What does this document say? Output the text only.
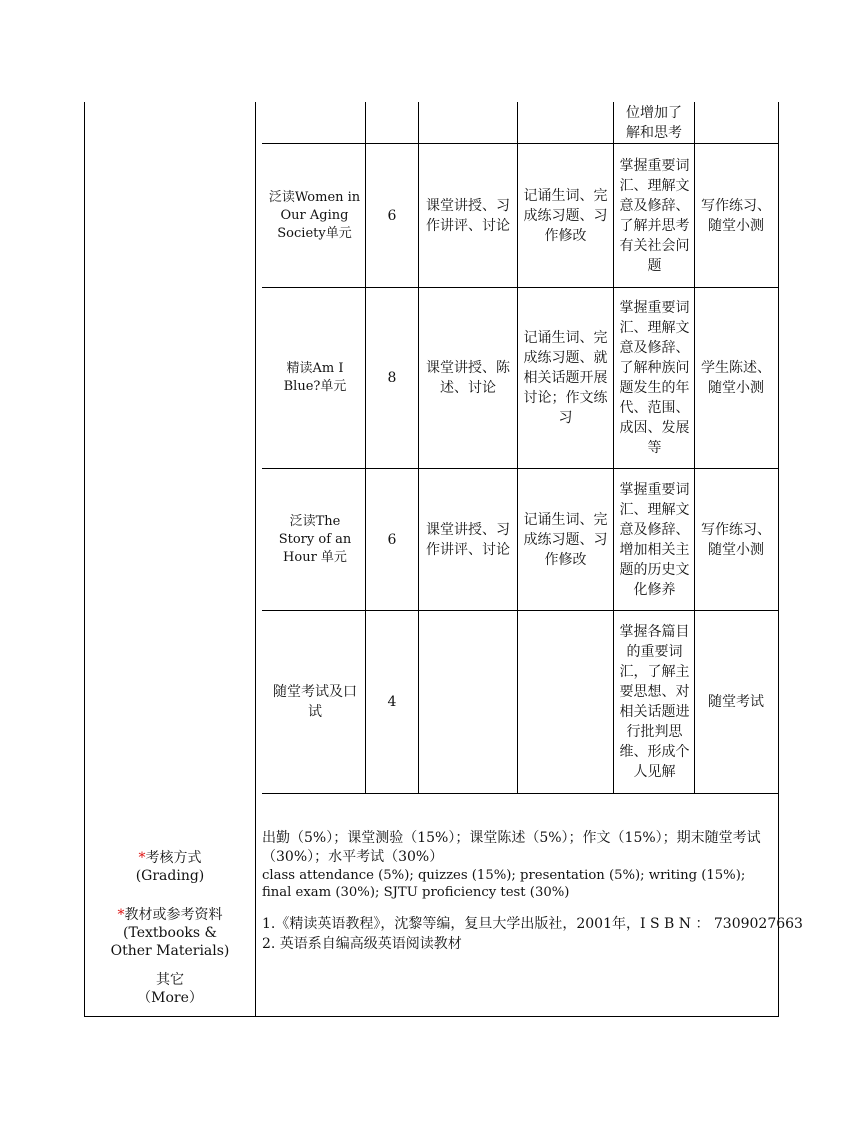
位增加了
解和思考
泛读Women in Our Aging Society单元
6
课堂讲授、习作讲评、讨论
记诵生词、完成练习题、习作修改
掌握重要词汇、理解文意及修辞、了解并思考有关社会问题
写作练习、随堂小测
精读Am I Blue?单元
8
课堂讲授、陈述、讨论
记诵生词、完成练习题、就相关话题开展讨论；作文练习
掌握重要词汇、理解文意及修辞、了解种族问题发生的年代、范围、成因、发展等
学生陈述、随堂小测
泛读The Story of an Hour 单元
6
课堂讲授、习作讲评、讨论
记诵生词、完成练习题、习作修改
掌握重要词汇、理解文意及修辞、增加相关主题的历史文化修养
写作练习、随堂小测
随堂考试及口试
4
掌握各篇目的重要词汇，了解主要思想、对相关话题进行批判思维、形成个人见解
随堂考试
*考核方式
(Grading)
*教材或参考资料
(Textbooks & Other Materials)
其它
（More）

出勤（5%）；课堂测验（15%）；课堂陈述（5%）；作文（15%）；期末随堂考试（30%）；水平考试（30%）

class attendance (5%); quizzes (15%); presentation (5%); writing (15%); final exam (30%); SJTU proficiency test (30%)

1.《精读英语教程》，沈黎等编，复旦大学出版社，2001年，I S B N ： 7309027663

2. 英语系自编高级英语阅读教材
